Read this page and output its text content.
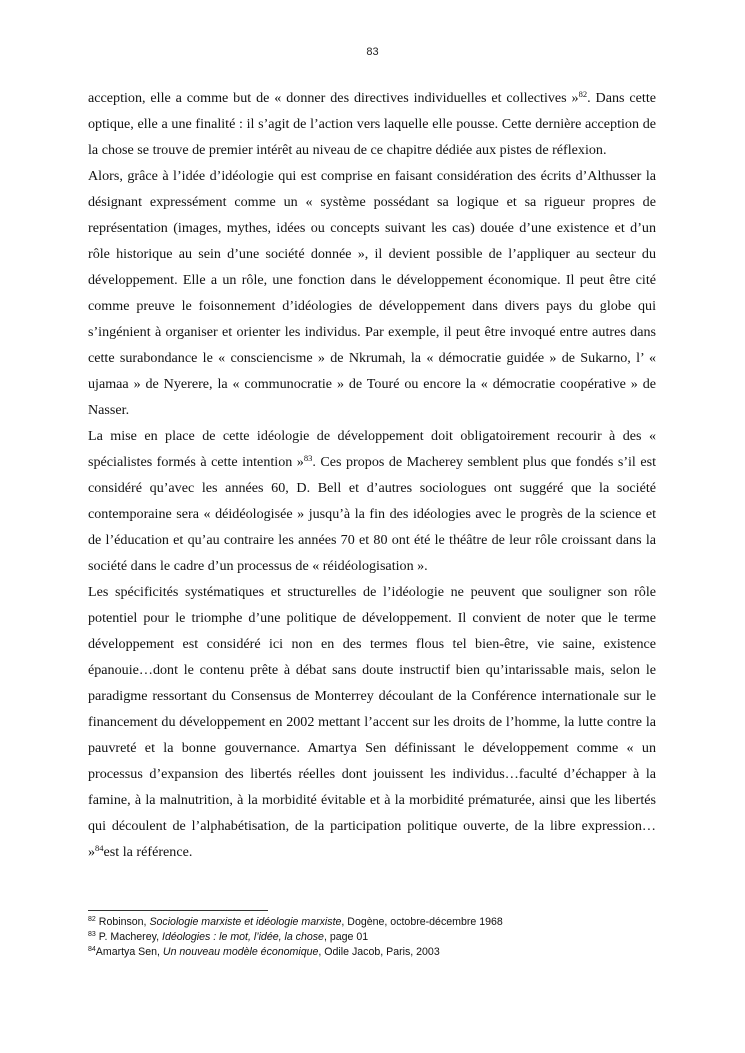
83

acception, elle a comme but de « donner des directives individuelles et collectives »$^{82}$. Dans cette optique, elle a une finalité : il s’agit de l’action vers laquelle elle pousse. Cette dernière acception de la chose se trouve de premier intérêt au niveau de ce chapitre dédiée aux pistes de réflexion.

Alors, grâce à l’idée d’idéologie qui est comprise en faisant considération des écrits d’Althusser la désignant expressément comme un « système possédant sa logique et sa rigueur propres de représentation (images, mythes, idées ou concepts suivant les cas) douée d’une existence et d’un rôle historique au sein d’une société donnée », il devient possible de l’appliquer au secteur du développement. Elle a un rôle, une fonction dans le développement économique. Il peut être cité comme preuve le foisonnement d’idéologies de développement dans divers pays du globe qui s’ingénient à organiser et orienter les individus. Par exemple, il peut être invoqué entre autres dans cette surabondance le « consciencisme » de Nkrumah, la « démocratie guidée » de Sukarno, l’ « ujamaa » de Nyerere, la « communocratie » de Touré ou encore la « démocratie coopérative » de Nasser.

La mise en place de cette idéologie de développement doit obligatoirement recourir à des « spécialistes formés à cette intention »$^{83}$. Ces propos de Macherey semblent plus que fondés s’il est considéré qu’avec les années 60, D. Bell et d’autres sociologues ont suggéré que la société contemporaine sera « déidéologisée » jusqu’à la fin des idéologies avec le progrès de la science et de l’éducation et qu’au contraire les années 70 et 80 ont été le théâtre de leur rôle croissant dans la société dans le cadre d’un processus de « réidéologisation ».

Les spécificités systématiques et structurelles de l’idéologie ne peuvent que souligner son rôle potentiel pour le triomphe d’une politique de développement. Il convient de noter que le terme développement est considéré ici non en des termes flous tel bien-être, vie saine, existence épanouie…dont le contenu prête à débat sans doute instructif bien qu’intarissable mais, selon le paradigme ressortant du Consensus de Monterrey découlant de la Conférence internationale sur le financement du développement en 2002 mettant l’accent sur les droits de l’homme, la lutte contre la pauvreté et la bonne gouvernance. Amartya Sen définissant le développement comme « un processus d’expansion des libertés réelles dont jouissent les individus…faculté d’échapper à la famine, à la malnutrition, à la morbidité évitable et à la morbidité prématurée, ainsi que les libertés qui découlent de l’alphabétisation, de la participation politique ouverte, de la libre expression… »$^{84}$est la référence.

$^{82}$ Robinson, Sociologie marxiste et idéologie marxiste, Dogène, octobre-décembre 1968

$^{83}$ P. Macherey, Idéologies : le mot, l’idée, la chose, page 01

$^{84}$Amartya Sen, Un nouveau modèle économique, Odile Jacob, Paris, 2003
